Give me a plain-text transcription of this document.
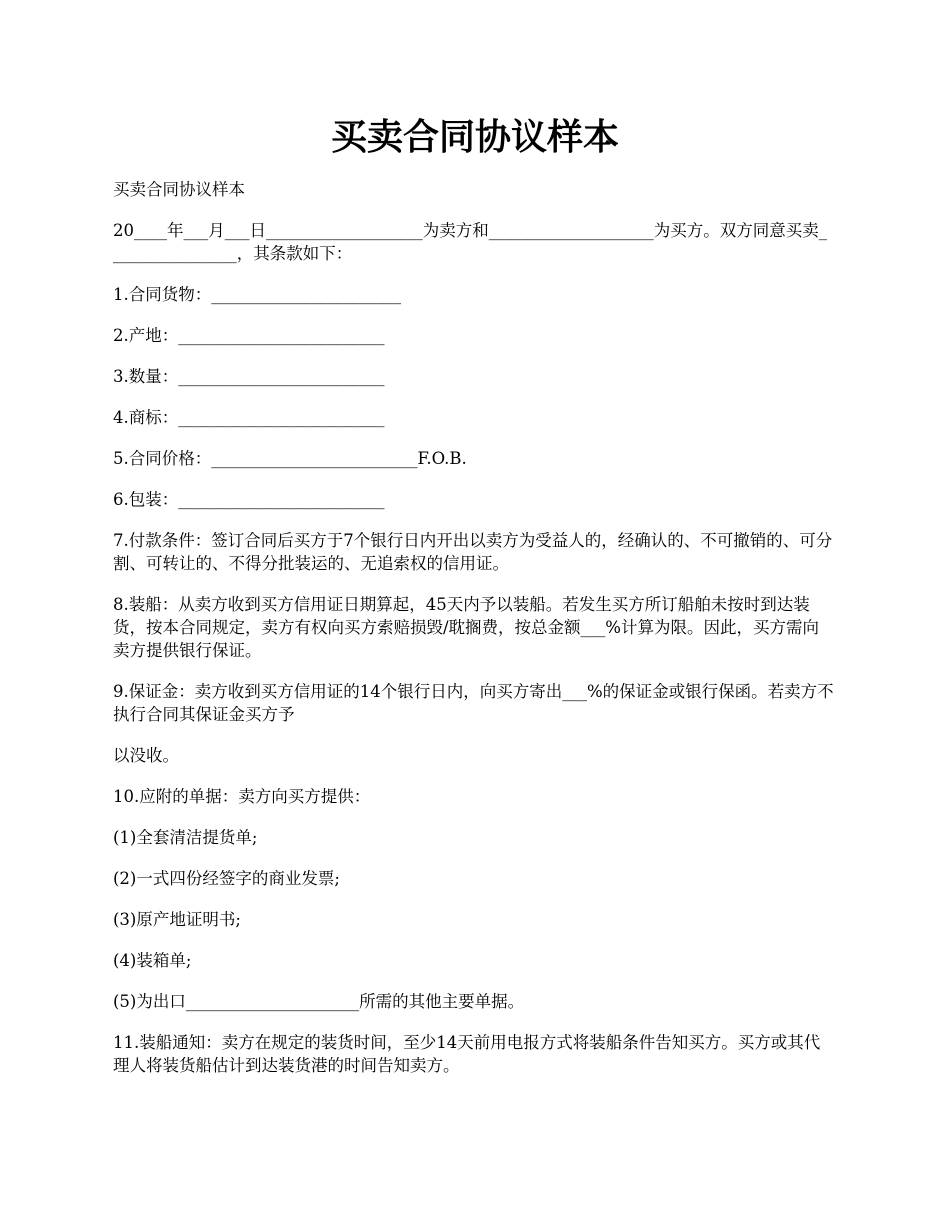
买卖合同协议样本

买卖合同协议样本

20____年___月___日___________________为卖方和____________________为买方。双方同意买卖________________，其条款如下：

1.合同货物：_______________________

2.产地：_________________________

3.数量：_________________________

4.商标：_________________________

5.合同价格：_________________________F.O.B.

6.包装：_________________________

7.付款条件：签订合同后买方于7个银行日内开出以卖方为受益人的，经确认的、不可撤销的、可分割、可转让的、不得分批装运的、无追索权的信用证。

8.装船：从卖方收到买方信用证日期算起，45天内予以装船。若发生买方所订船舶未按时到达装货，按本合同规定，卖方有权向买方索赔损毁/耽搁费，按总金额___%计算为限。因此，买方需向卖方提供银行保证。

9.保证金：卖方收到买方信用证的14个银行日内，向买方寄出___%的保证金或银行保函。若卖方不执行合同其保证金买方予

以没收。

10.应附的单据：卖方向买方提供：

(1)全套清洁提货单;

(2)一式四份经签字的商业发票;

(3)原产地证明书;

(4)装箱单;

(5)为出口_____________________所需的其他主要单据。

11.装船通知：卖方在规定的装货时间，至少14天前用电报方式将装船条件告知买方。买方或其代理人将装货船估计到达装货港的时间告知卖方。
